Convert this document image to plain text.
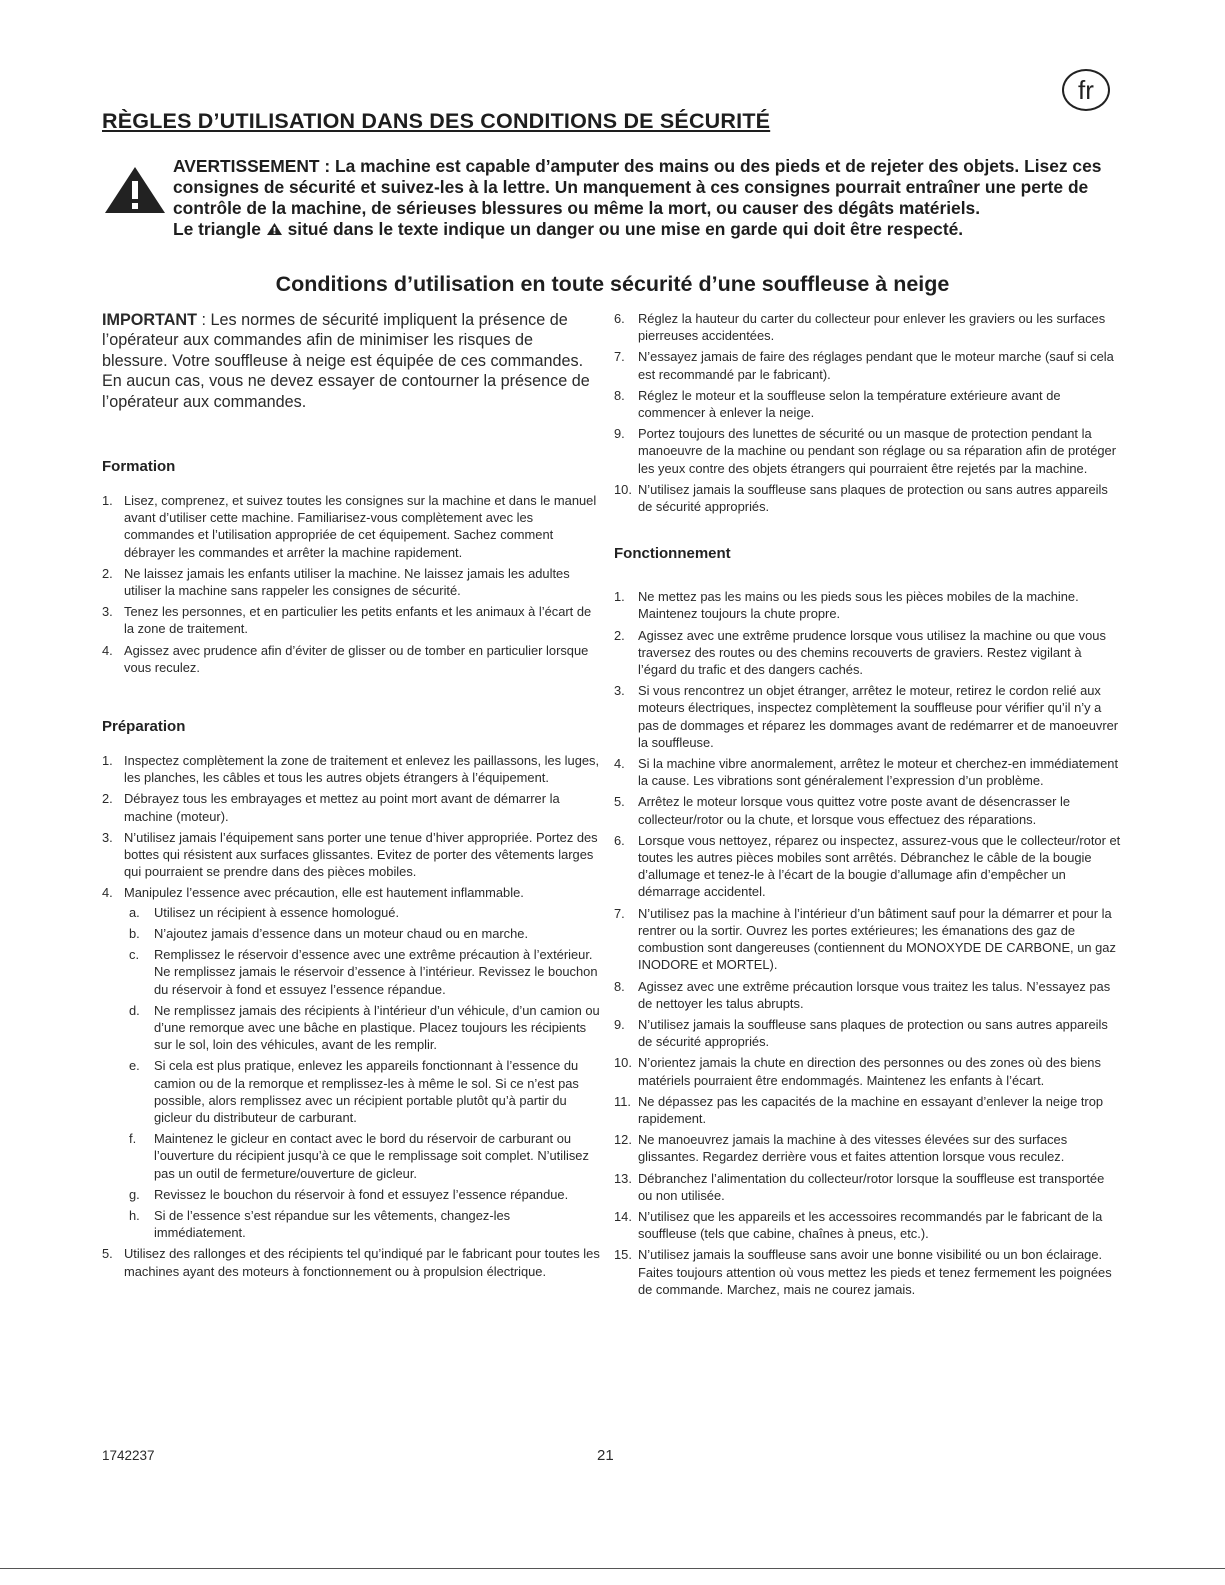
fr
RÈGLES D’UTILISATION DANS DES CONDITIONS DE SÉCURITÉ

AVERTISSEMENT : La machine est capable d’amputer des mains ou des pieds et de rejeter des objets. Lisez ces consignes de sécurité et suivez-les à la lettre. Un manquement à ces consignes pourrait entraîner une perte de contrôle de la machine, de sérieuses blessures ou même la mort, ou causer des dégâts matériels.
Le triangle situé dans le texte indique un danger ou une mise en garde qui doit être respecté.

Conditions d’utilisation en toute sécurité d’une souffleuse à neige

IMPORTANT : Les normes de sécurité impliquent la présence de l’opérateur aux commandes afin de minimiser les risques de blessure. Votre souffleuse à neige est équipée de ces commandes. En aucun cas, vous ne devez essayer de contourner la présence de l’opérateur aux commandes.

Formation
1. Lisez, comprenez, et suivez toutes les consignes sur la machine et dans le manuel avant d’utiliser cette machine. Familiarisez-vous complètement avec les commandes et l’utilisation appropriée de cet équipement. Sachez comment débrayer les commandes et arrêter la machine rapidement.
2. Ne laissez jamais les enfants utiliser la machine. Ne laissez jamais les adultes utiliser la machine sans rappeler les consignes de sécurité.
3. Tenez les personnes, et en particulier les petits enfants et les animaux à l’écart de la zone de traitement.
4. Agissez avec prudence afin d’éviter de glisser ou de tomber en particulier lorsque vous reculez.
Préparation
1. Inspectez complètement la zone de traitement et enlevez les paillassons, les luges, les planches, les câbles et tous les autres objets étrangers à l’équipement.
2. Débrayez tous les embrayages et mettez au point mort avant de démarrer la machine (moteur).
3. N’utilisez jamais l’équipement sans porter une tenue d’hiver appropriée. Portez des bottes qui résistent aux surfaces glissantes. Evitez de porter des vêtements larges qui pourraient se prendre dans des pièces mobiles.
4. Manipulez l’essence avec précaution, elle est hautement inflammable.
a. Utilisez un récipient à essence homologué.
b. N’ajoutez jamais d’essence dans un moteur chaud ou en marche.
c. Remplissez le réservoir d’essence avec une extrême précaution à l’extérieur. Ne remplissez jamais le réservoir d’essence à l’intérieur. Revissez le bouchon du réservoir à fond et essuyez l’essence répandue.
d. Ne remplissez jamais des récipients à l’intérieur d’un véhicule, d’un camion ou d’une remorque avec une bâche en plastique. Placez toujours les récipients sur le sol, loin des véhicules, avant de les remplir.
e. Si cela est plus pratique, enlevez les appareils fonctionnant à l’essence du camion ou de la remorque et remplissez-les à même le sol. Si ce n’est pas possible, alors remplissez avec un récipient portable plutôt qu’à partir du gicleur du distributeur de carburant.
f. Maintenez le gicleur en contact avec le bord du réservoir de carburant ou l’ouverture du récipient jusqu’à ce que le remplissage soit complet. N’utilisez pas un outil de fermeture/ouverture de gicleur.
g. Revissez le bouchon du réservoir à fond et essuyez l’essence répandue.
h. Si de l’essence s’est répandue sur les vêtements, changez-les immédiatement.
5. Utilisez des rallonges et des récipients tel qu’indiqué par le fabricant pour toutes les machines ayant des moteurs à fonctionnement ou à propulsion électrique.
6. Réglez la hauteur du carter du collecteur pour enlever les graviers ou les surfaces pierreuses accidentées.
7. N’essayez jamais de faire des réglages pendant que le moteur marche (sauf si cela est recommandé par le fabricant).
8. Réglez le moteur et la souffleuse selon la température extérieure avant de commencer à enlever la neige.
9. Portez toujours des lunettes de sécurité ou un masque de protection pendant la manoeuvre de la machine ou pendant son réglage ou sa réparation afin de protéger les yeux contre des objets étrangers qui pourraient être rejetés par la machine.
10. N’utilisez jamais la souffleuse sans plaques de protection ou sans autres appareils de sécurité appropriés.
Fonctionnement
1. Ne mettez pas les mains ou les pieds sous les pièces mobiles de la machine. Maintenez toujours la chute propre.
2. Agissez avec une extrême prudence lorsque vous utilisez la machine ou que vous traversez des routes ou des chemins recouverts de graviers. Restez vigilant à l’égard du trafic et des dangers cachés.
3. Si vous rencontrez un objet étranger, arrêtez le moteur, retirez le cordon relié aux moteurs électriques, inspectez complètement la souffleuse pour vérifier qu’il n’y a pas de dommages et réparez les dommages avant de redémarrer et de manoeuvrer la souffleuse.
4. Si la machine vibre anormalement, arrêtez le moteur et cherchez-en immédiatement la cause. Les vibrations sont généralement l’expression d’un problème.
5. Arrêtez le moteur lorsque vous quittez votre poste avant de désencrasser le collecteur/rotor ou la chute, et lorsque vous effectuez des réparations.
6. Lorsque vous nettoyez, réparez ou inspectez, assurez-vous que le collecteur/rotor et toutes les autres pièces mobiles sont arrêtés. Débranchez le câble de la bougie d’allumage et tenez-le à l’écart de la bougie d’allumage afin d’empêcher un démarrage accidentel.
7. N’utilisez pas la machine à l’intérieur d’un bâtiment sauf pour la démarrer et pour la rentrer ou la sortir. Ouvrez les portes extérieures; les émanations des gaz de combustion sont dangereuses (contiennent du MONOXYDE DE CARBONE, un gaz INODORE et MORTEL).
8. Agissez avec une extrême précaution lorsque vous traitez les talus. N’essayez pas de nettoyer les talus abrupts.
9. N’utilisez jamais la souffleuse sans plaques de protection ou sans autres appareils de sécurité appropriés.
10. N’orientez jamais la chute en direction des personnes ou des zones où des biens matériels pourraient être endommagés. Maintenez les enfants à l’écart.
11. Ne dépassez pas les capacités de la machine en essayant d’enlever la neige trop rapidement.
12. Ne manoeuvrez jamais la machine à des vitesses élevées sur des surfaces glissantes. Regardez derrière vous et faites attention lorsque vous reculez.
13. Débranchez l’alimentation du collecteur/rotor lorsque la souffleuse est transportée ou non utilisée.
14. N’utilisez que les appareils et les accessoires recommandés par le fabricant de la souffleuse (tels que cabine, chaînes à pneus, etc.).
15. N’utilisez jamais la souffleuse sans avoir une bonne visibilité ou un bon éclairage. Faites toujours attention où vous mettez les pieds et tenez fermement les poignées de commande. Marchez, mais ne courez jamais.
1742237	21
